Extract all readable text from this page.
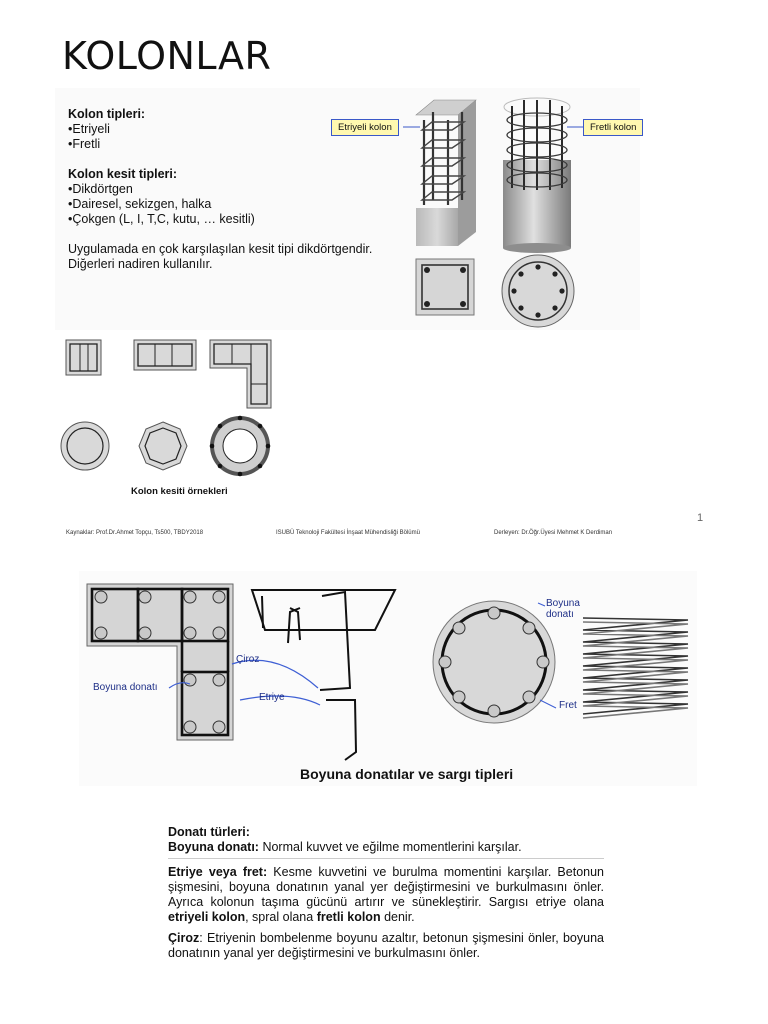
KOLONLAR
Kolon tipleri:
•Etriyeli
•Fretli
Kolon kesit tipleri:
•Dikdörtgen
•Dairesel, sekizgen, halka
•Çokgen (L, I, T,C, kutu, … kesitli)
Uygulamada en çok karşılaşılan kesit tipi dikdörtgendir.
Diğerleri nadiren kullanılır.
Etriyeli kolon	Fretli kolon
Kolon kesiti örnekleri
Kaynaklar: Prof.Dr.Ahmet Topçu, Ts500, TBDY2018	ISUBÜ Teknoloji Fakültesi İnşaat Mühendisliği Bölümü	Derleyen: Dr.Öğr.Üyesi Mehmet K Derdiman
1
Çiroz
Boyuna donatı
Etriye
Boyuna
donatı
Fret
Boyuna donatılar ve sargı tipleri

Donatı türleri:
Boyuna donatı: Normal kuvvet ve eğilme momentlerini karşılar.

Etriye veya fret: Kesme kuvvetini ve burulma momentini karşılar. Betonun şişmesini, boyuna donatının yanal yer değiştirmesini ve burkulmasını önler. Ayrıca kolonun taşıma gücünü artırır ve sünekleştirir. Sargısı etriye olana etriyeli kolon, spral olana fretli kolon denir.

Çiroz: Etriyenin bombelenme boyunu azaltır, betonun şişmesini önler, boyuna donatının yanal yer değiştirmesini ve burkulmasını önler.
